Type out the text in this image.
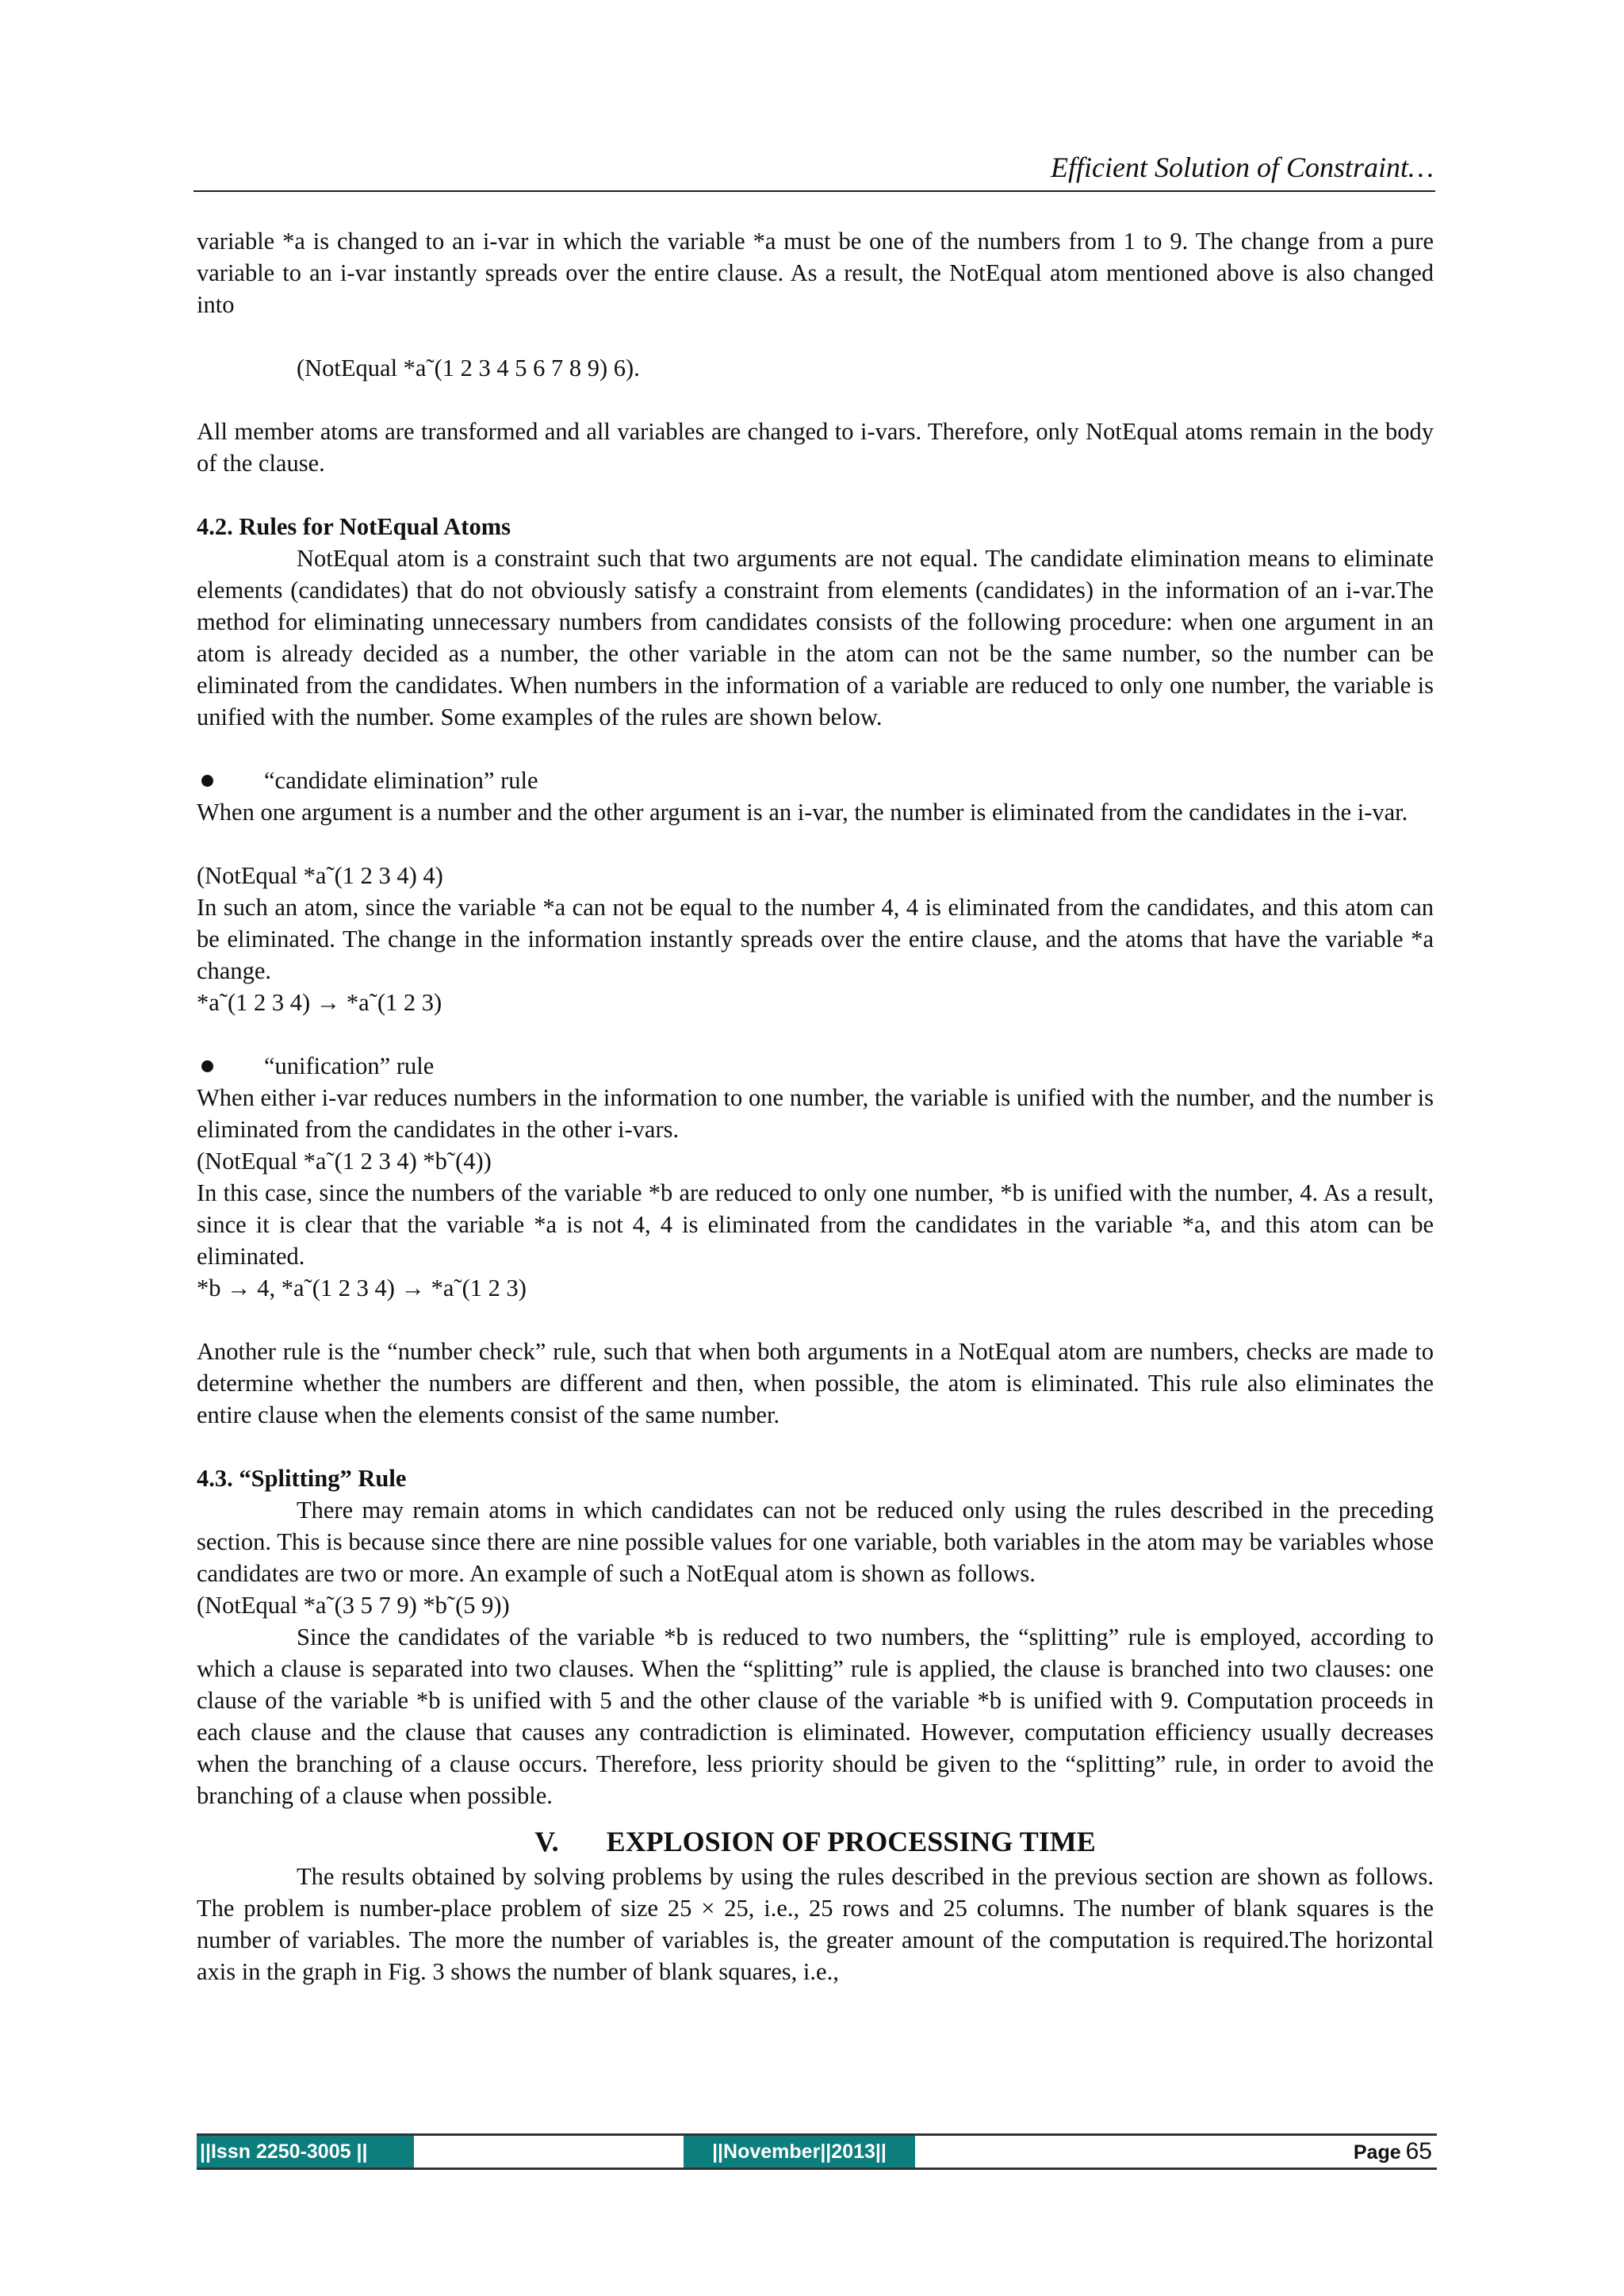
Efficient Solution of Constraint…

variable *a is changed to an i-var in which the variable *a must be one of the numbers from 1 to 9. The change from a pure variable to an i-var instantly spreads over the entire clause. As a result, the NotEqual atom mentioned above is also changed into

(NotEqual *a˜(1 2 3 4 5 6 7 8 9) 6).

All member atoms are transformed and all variables are changed to i-vars. Therefore, only NotEqual atoms remain in the body of the clause.

4.2. Rules for NotEqual Atoms

NotEqual atom is a constraint such that two arguments are not equal. The candidate elimination means to eliminate elements (candidates) that do not obviously satisfy a constraint from elements (candidates) in the information of an i-var.The method for eliminating unnecessary numbers from candidates consists of the following procedure: when one argument in an atom is already decided as a number, the other variable in the atom can not be the same number, so the number can be eliminated from the candidates. When numbers in the information of a variable are reduced to only one number, the variable is unified with the number. Some examples of the rules are shown below.

“candidate elimination” rule

When one argument is a number and the other argument is an i-var, the number is eliminated from the candidates in the i-var.

(NotEqual *a˜(1 2 3 4) 4)

In such an atom, since the variable *a can not be equal to the number 4, 4 is eliminated from the candidates, and this atom can be eliminated. The change in the information instantly spreads over the entire clause, and the atoms that have the variable *a change.

*a˜(1 2 3 4) → *a˜(1 2 3)

“unification” rule

When either i-var reduces numbers in the information to one number, the variable is unified with the number, and the number is eliminated from the candidates in the other i-vars.

(NotEqual *a˜(1 2 3 4) *b˜(4))

In this case, since the numbers of the variable *b are reduced to only one number, *b is unified with the number, 4. As a result, since it is clear that the variable *a is not 4, 4 is eliminated from the candidates in the variable *a, and this atom can be eliminated.

*b → 4, *a˜(1 2 3 4) → *a˜(1 2 3)

Another rule is the “number check” rule, such that when both arguments in a NotEqual atom are numbers, checks are made to determine whether the numbers are different and then, when possible, the atom is eliminated. This rule also eliminates the entire clause when the elements consist of the same number.

4.3. “Splitting” Rule

There may remain atoms in which candidates can not be reduced only using the rules described in the preceding section. This is because since there are nine possible values for one variable, both variables in the atom may be variables whose candidates are two or more. An example of such a NotEqual atom is shown as follows.

(NotEqual *a˜(3 5 7 9) *b˜(5 9))

Since the candidates of the variable *b is reduced to two numbers, the “splitting” rule is employed, according to which a clause is separated into two clauses. When the “splitting” rule is applied, the clause is branched into two clauses: one clause of the variable *b is unified with 5 and the other clause of the variable *b is unified with 9. Computation proceeds in each clause and the clause that causes any contradiction is eliminated. However, computation efficiency usually decreases when the branching of a clause occurs. Therefore, less priority should be given to the “splitting” rule, in order to avoid the branching of a clause when possible.

V. EXPLOSION OF PROCESSING TIME

The results obtained by solving problems by using the rules described in the previous section are shown as follows. The problem is number-place problem of size 25 × 25, i.e., 25 rows and 25 columns. The number of blank squares is the number of variables. The more the number of variables is, the greater amount of the computation is required.The horizontal axis in the graph in Fig. 3 shows the number of blank squares, i.e.,

||Issn 2250-3005 ||	||November||2013||	Page 65
